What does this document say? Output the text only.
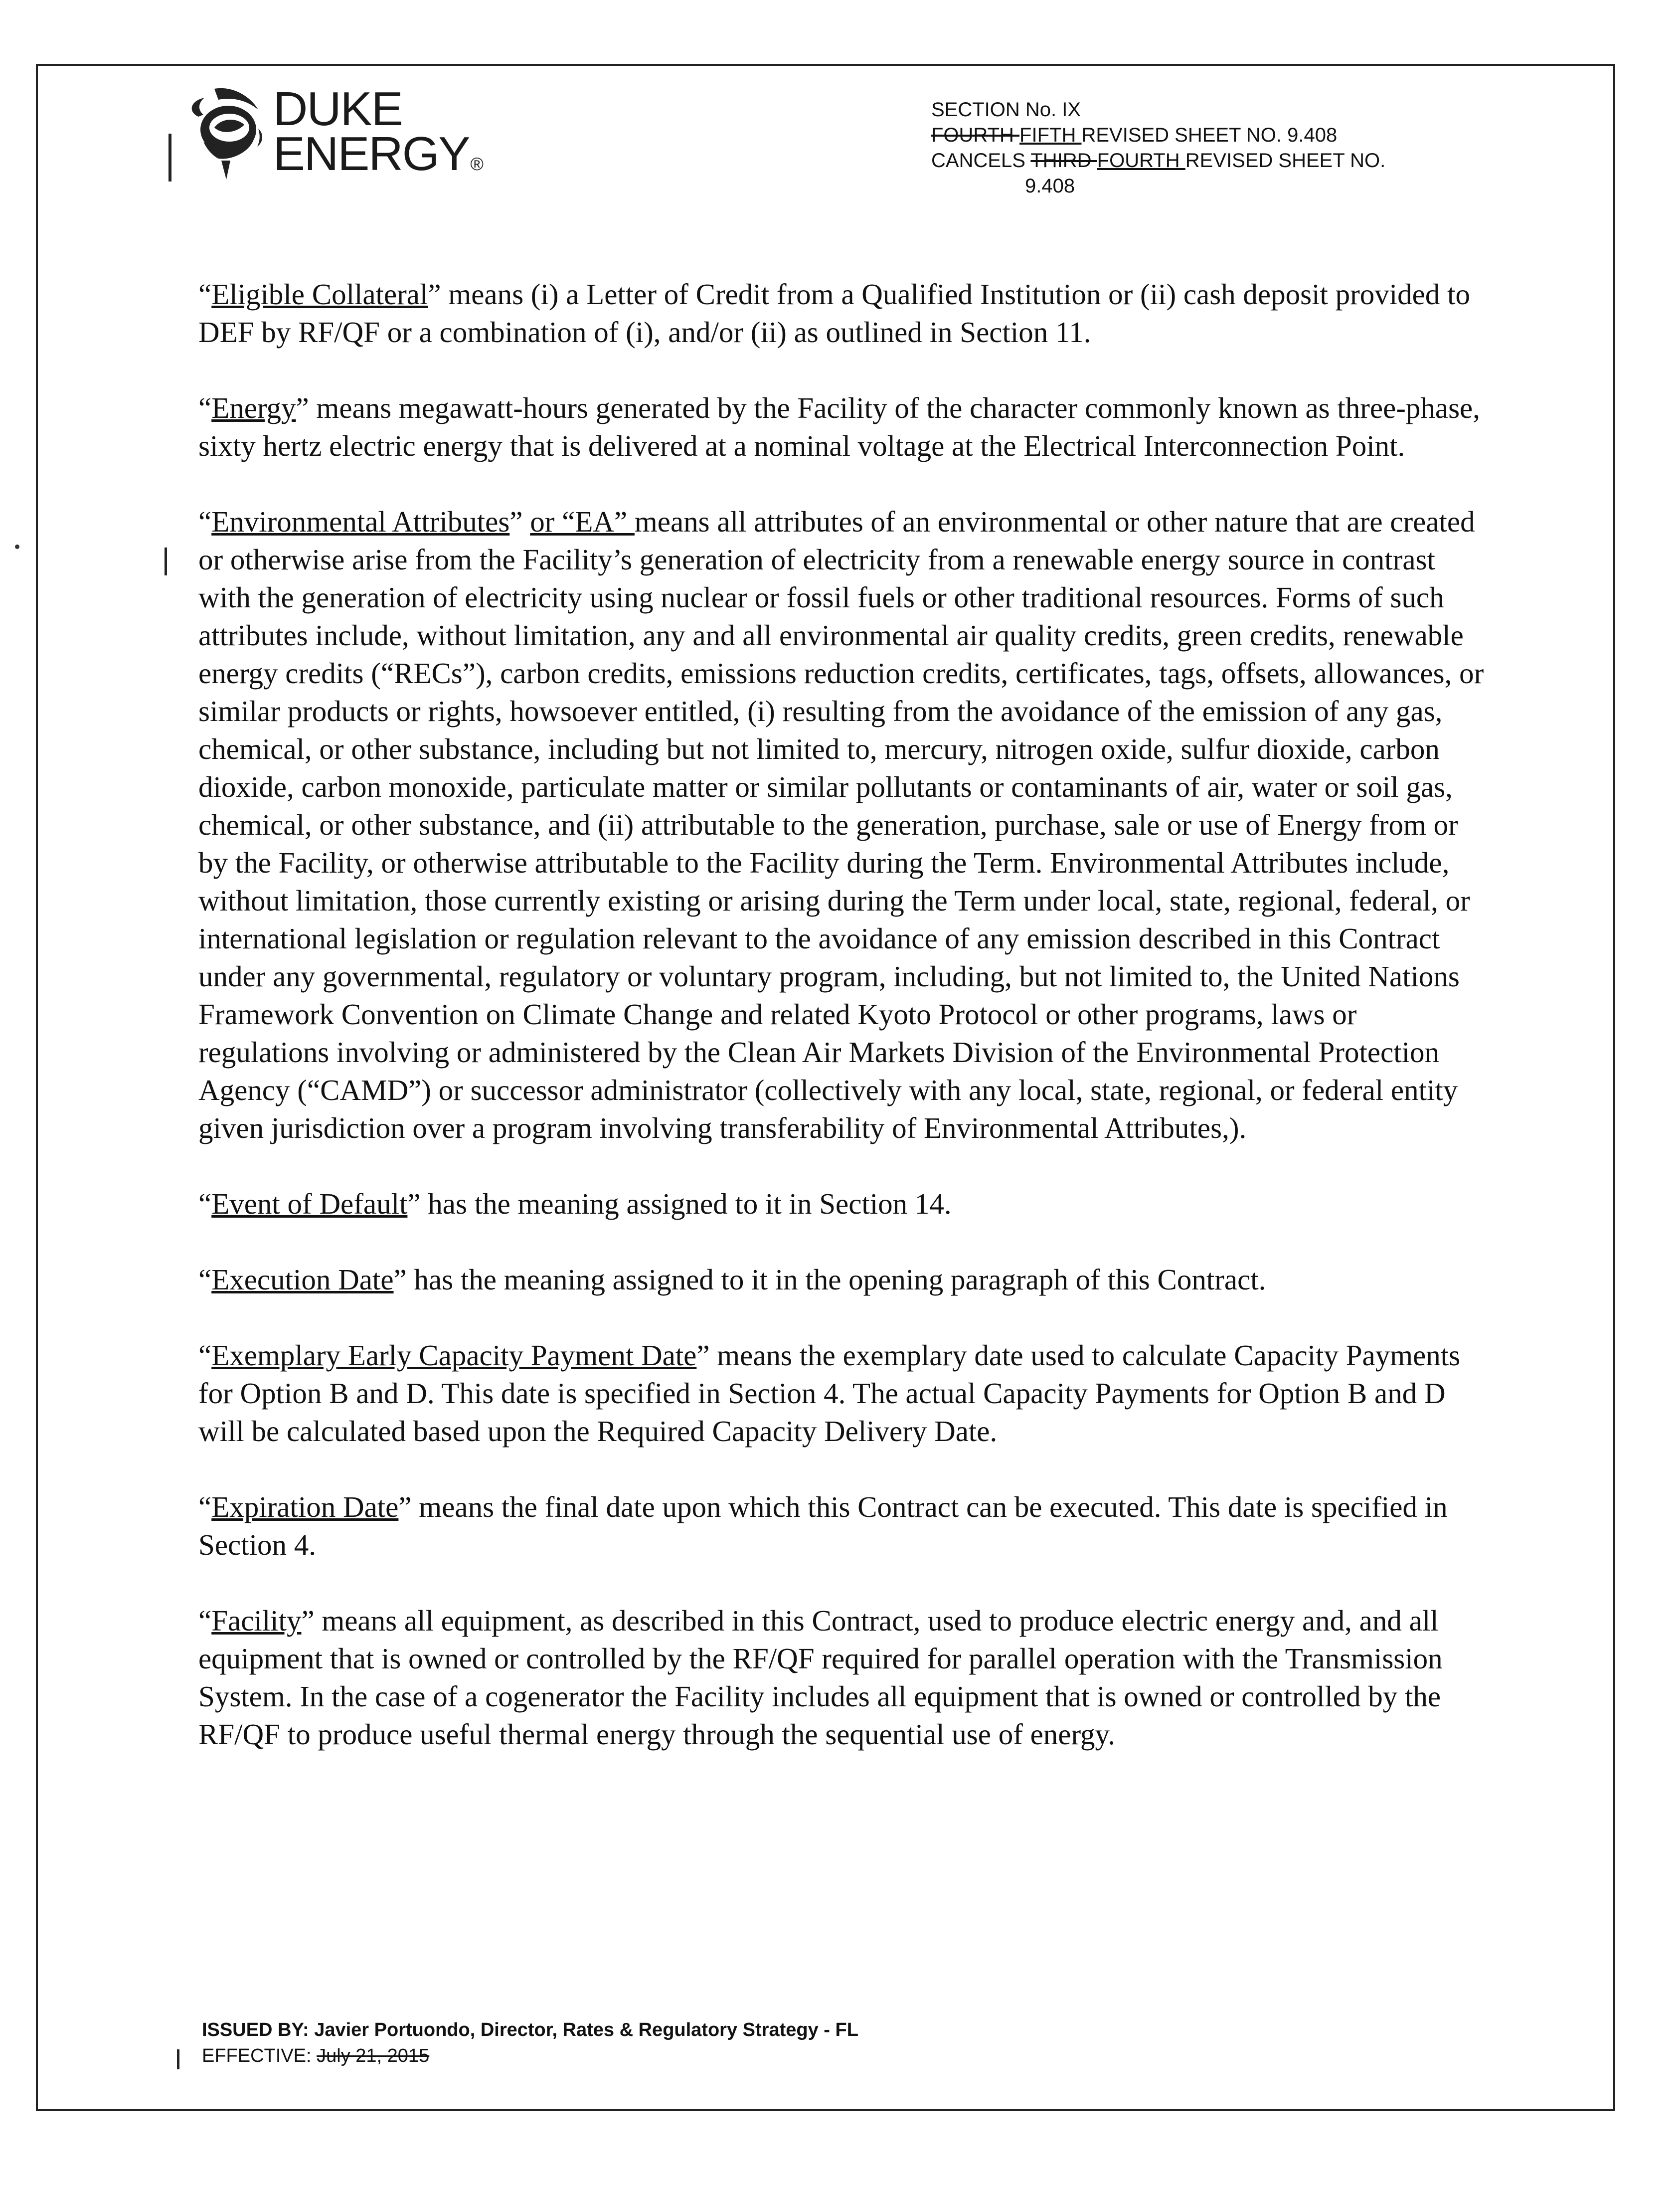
DUKE
ENERGY®
SECTION No. IX
FOURTH FIFTH REVISED SHEET NO. 9.408
CANCELS THIRD FOURTH REVISED SHEET NO.
9.408

“Eligible Collateral” means (i) a Letter of Credit from a Qualified Institution or (ii) cash deposit provided to DEF by RF/QF or a combination of (i), and/or (ii) as outlined in Section 11.

“Energy” means megawatt-hours generated by the Facility of the character commonly known as three-phase, sixty hertz electric energy that is delivered at a nominal voltage at the Electrical Interconnection Point.

“Environmental Attributes” or “EA” means all attributes of an environmental or other nature that are created or otherwise arise from the Facility’s generation of electricity from a renewable energy source in contrast with the generation of electricity using nuclear or fossil fuels or other traditional resources. Forms of such attributes include, without limitation, any and all environmental air quality credits, green credits, renewable energy credits (“RECs”), carbon credits, emissions reduction credits, certificates, tags, offsets, allowances, or similar products or rights, howsoever entitled, (i) resulting from the avoidance of the emission of any gas, chemical, or other substance, including but not limited to, mercury, nitrogen oxide, sulfur dioxide, carbon dioxide, carbon monoxide, particulate matter or similar pollutants or contaminants of air, water or soil gas, chemical, or other substance, and (ii) attributable to the generation, purchase, sale or use of Energy from or by the Facility, or otherwise attributable to the Facility during the Term. Environmental Attributes include, without limitation, those currently existing or arising during the Term under local, state, regional, federal, or international legislation or regulation relevant to the avoidance of any emission described in this Contract under any governmental, regulatory or voluntary program, including, but not limited to, the United Nations Framework Convention on Climate Change and related Kyoto Protocol or other programs, laws or regulations involving or administered by the Clean Air Markets Division of the Environmental Protection Agency (“CAMD”) or successor administrator (collectively with any local, state, regional, or federal entity given jurisdiction over a program involving transferability of Environmental Attributes,).

“Event of Default” has the meaning assigned to it in Section 14.

“Execution Date” has the meaning assigned to it in the opening paragraph of this Contract.

“Exemplary Early Capacity Payment Date” means the exemplary date used to calculate Capacity Payments for Option B and D. This date is specified in Section 4. The actual Capacity Payments for Option B and D will be calculated based upon the Required Capacity Delivery Date.

“Expiration Date” means the final date upon which this Contract can be executed. This date is specified in Section 4.

“Facility” means all equipment, as described in this Contract, used to produce electric energy and, and all equipment that is owned or controlled by the RF/QF required for parallel operation with the Transmission System. In the case of a cogenerator the Facility includes all equipment that is owned or controlled by the RF/QF to produce useful thermal energy through the sequential use of energy.

ISSUED BY: Javier Portuondo, Director, Rates & Regulatory Strategy - FL
EFFECTIVE: July 21, 2015
